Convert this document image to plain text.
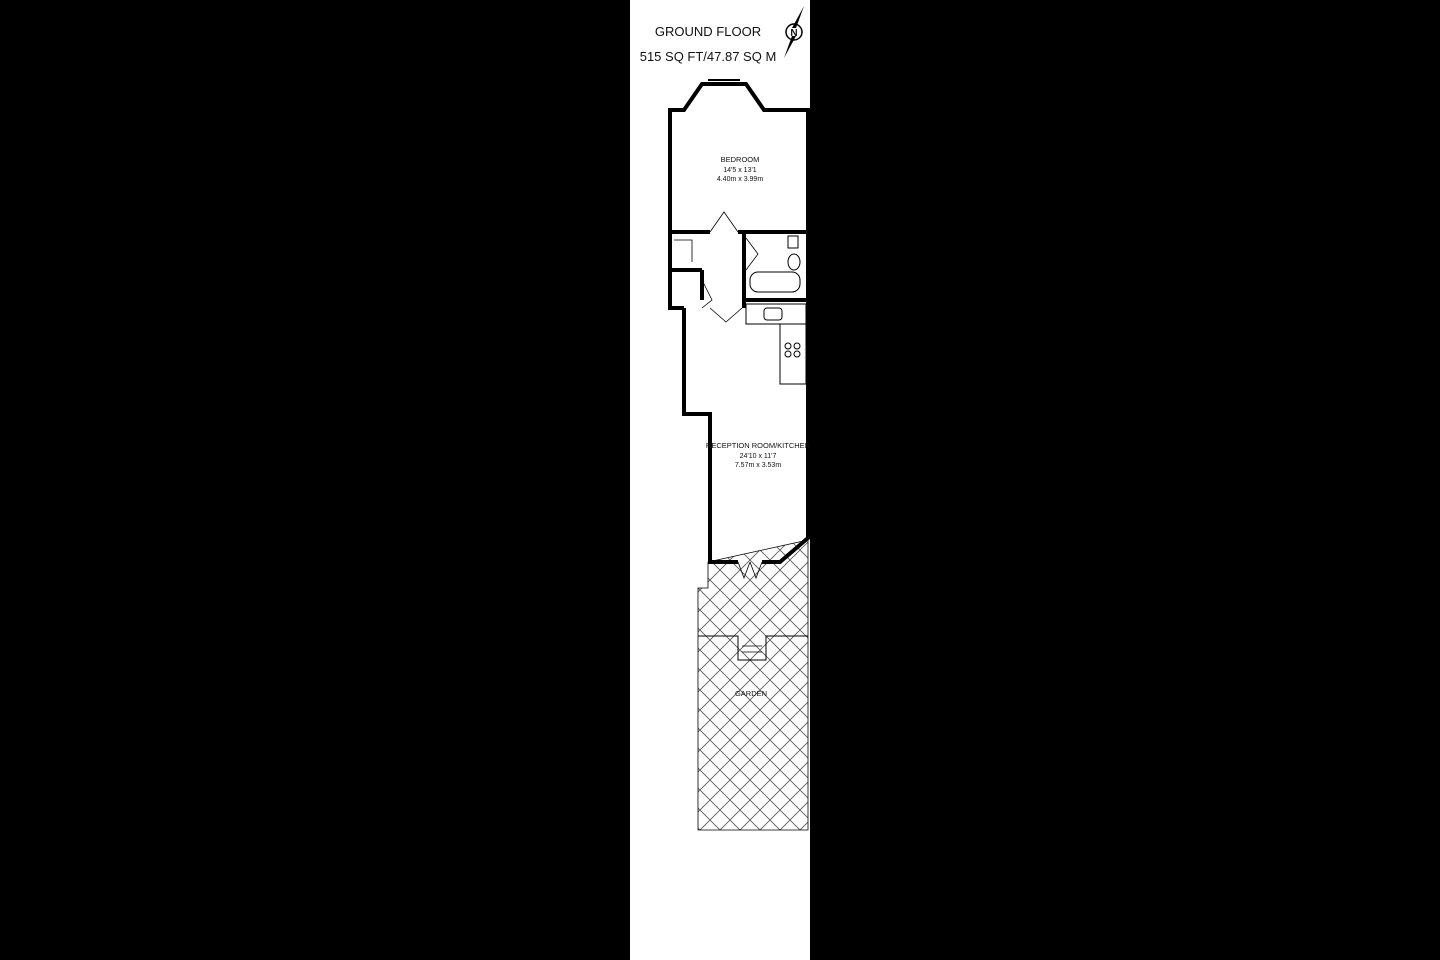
GROUND FLOOR
515 SQ FT/47.87 SQ M
N
BEDROOM
14'5 x 13'1
4.40m x 3.99m
RECEPTION ROOM/KITCHEN
24'10 x 11'7
7.57m x 3.53m
GARDEN
